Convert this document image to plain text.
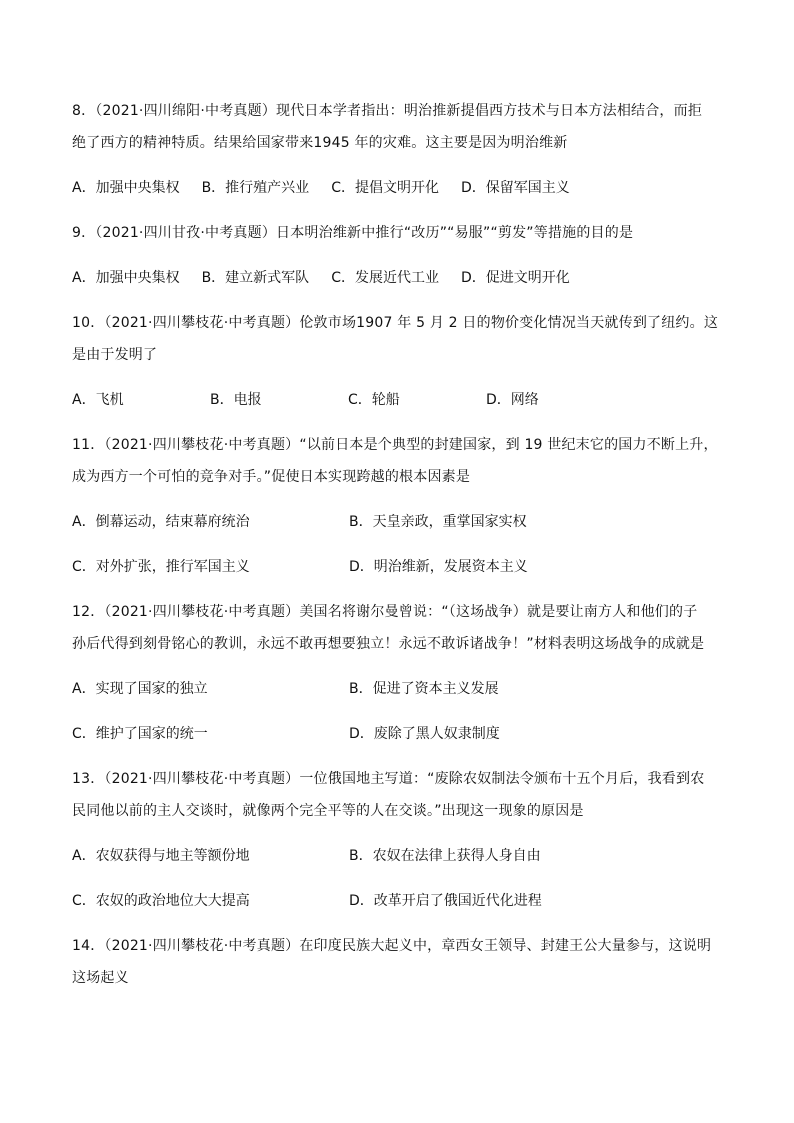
8．（2021·四川绵阳·中考真题）现代日本学者指出：明治推新提倡西方技术与日本方法相结合，而拒
绝了西方的精神特质。结果给国家带来1945 年的灾难。这主要是因为明治维新
A．加强中央集权 B．推行殖产兴业 C．提倡文明开化 D．保留军国主义
9．（2021·四川甘孜·中考真题）日本明治维新中推行“改历”“易服”“剪发”等措施的目的是
A．加强中央集权 B．建立新式军队 C．发展近代工业 D．促进文明开化
10．（2021·四川攀枝花·中考真题）伦敦市场1907 年 5 月 2 日的物价变化情况当天就传到了纽约。这
是由于发明了
A．飞机	B．电报	C．轮船	D．网络
11．（2021·四川攀枝花·中考真题）“以前日本是个典型的封建国家，到 19 世纪末它的国力不断上升，
成为西方一个可怕的竞争对手。”促使日本实现跨越的根本因素是
A．倒幕运动，结束幕府统治	B．天皇亲政，重掌国家实权
C．对外扩张，推行军国主义	D．明治维新，发展资本主义
12．（2021·四川攀枝花·中考真题）美国名将谢尔曼曾说：“（这场战争）就是要让南方人和他们的子
孙后代得到刻骨铭心的教训，永远不敢再想要独立！永远不敢诉诸战争！”材料表明这场战争的成就是
A．实现了国家的独立	B．促进了资本主义发展
C．维护了国家的统一	D．废除了黑人奴隶制度
13．（2021·四川攀枝花·中考真题）一位俄国地主写道：“废除农奴制法令颁布十五个月后，我看到农
民同他以前的主人交谈时，就像两个完全平等的人在交谈。”出现这一现象的原因是
A．农奴获得与地主等额份地	B．农奴在法律上获得人身自由
C．农奴的政治地位大大提高	D．改革开启了俄国近代化进程
14．（2021·四川攀枝花·中考真题）在印度民族大起义中，章西女王领导、封建王公大量参与，这说明
这场起义
